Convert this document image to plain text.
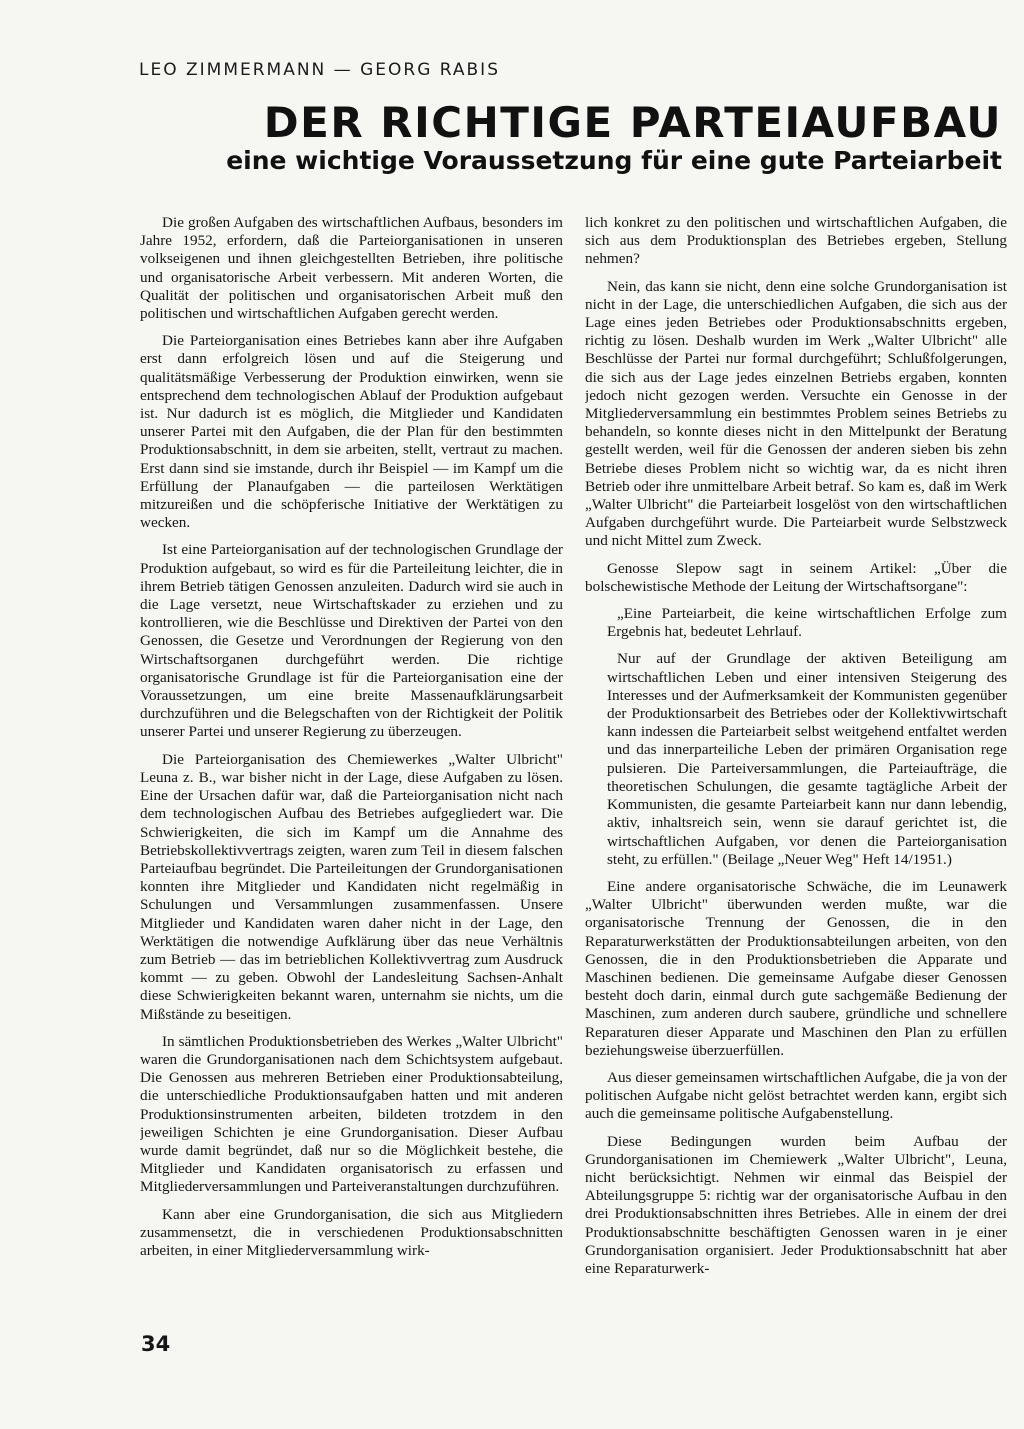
LEO ZIMMERMANN — GEORG RABIS
DER RICHTIGE PARTEIAUFBAU
eine wichtige Voraussetzung für eine gute Parteiarbeit

Die großen Aufgaben des wirtschaftlichen Aufbaus, besonders im Jahre 1952, erfordern, daß die Parteiorganisationen in unseren volkseigenen und ihnen gleichgestellten Betrieben, ihre politische und organisatorische Arbeit verbessern. Mit anderen Worten, die Qualität der politischen und organisatorischen Arbeit muß den politischen und wirtschaftlichen Aufgaben gerecht werden.

Die Parteiorganisation eines Betriebes kann aber ihre Aufgaben erst dann erfolgreich lösen und auf die Steigerung und qualitätsmäßige Verbesserung der Produktion einwirken, wenn sie entsprechend dem technologischen Ablauf der Produktion aufgebaut ist. Nur dadurch ist es möglich, die Mitglieder und Kandidaten unserer Partei mit den Aufgaben, die der Plan für den bestimmten Produktionsabschnitt, in dem sie arbeiten, stellt, vertraut zu machen. Erst dann sind sie imstande, durch ihr Beispiel — im Kampf um die Erfüllung der Planaufgaben — die parteilosen Werktätigen mitzureißen und die schöpferische Initiative der Werktätigen zu wecken.

Ist eine Parteiorganisation auf der technologischen Grundlage der Produktion aufgebaut, so wird es für die Parteileitung leichter, die in ihrem Betrieb tätigen Genossen anzuleiten. Dadurch wird sie auch in die Lage versetzt, neue Wirtschaftskader zu erziehen und zu kontrollieren, wie die Beschlüsse und Direktiven der Partei von den Genossen, die Gesetze und Verordnungen der Regierung von den Wirtschaftsorganen durchgeführt werden. Die richtige organisatorische Grundlage ist für die Parteiorganisation eine der Voraussetzungen, um eine breite Massenaufklärungsarbeit durchzuführen und die Belegschaften von der Richtigkeit der Politik unserer Partei und unserer Regierung zu überzeugen.

Die Parteiorganisation des Chemiewerkes „Walter Ulbricht" Leuna z. B., war bisher nicht in der Lage, diese Aufgaben zu lösen. Eine der Ursachen dafür war, daß die Parteiorganisation nicht nach dem technologischen Aufbau des Betriebes aufgegliedert war. Die Schwierigkeiten, die sich im Kampf um die Annahme des Betriebskollektivvertrags zeigten, waren zum Teil in diesem falschen Parteiaufbau begründet. Die Parteileitungen der Grundorganisationen konnten ihre Mitglieder und Kandidaten nicht regelmäßig in Schulungen und Versammlungen zusammenfassen. Unsere Mitglieder und Kandidaten waren daher nicht in der Lage, den Werktätigen die notwendige Aufklärung über das neue Verhältnis zum Betrieb — das im betrieblichen Kollektivvertrag zum Ausdruck kommt — zu geben. Obwohl der Landesleitung Sachsen-Anhalt diese Schwierigkeiten bekannt waren, unternahm sie nichts, um die Mißstände zu beseitigen.

In sämtlichen Produktionsbetrieben des Werkes „Walter Ulbricht" waren die Grundorganisationen nach dem Schichtsystem aufgebaut. Die Genossen aus mehreren Betrieben einer Produktionsabteilung, die unterschiedliche Produktionsaufgaben hatten und mit anderen Produktionsinstrumenten arbeiten, bildeten trotzdem in den jeweiligen Schichten je eine Grundorganisation. Dieser Aufbau wurde damit begründet, daß nur so die Möglichkeit bestehe, die Mitglieder und Kandidaten organisatorisch zu erfassen und Mitgliederversammlungen und Parteiveranstaltungen durchzuführen.

Kann aber eine Grundorganisation, die sich aus Mitgliedern zusammensetzt, die in verschiedenen Produktionsabschnitten arbeiten, in einer Mitgliederversammlung wirk-

lich konkret zu den politischen und wirtschaftlichen Aufgaben, die sich aus dem Produktionsplan des Betriebes ergeben, Stellung nehmen?

Nein, das kann sie nicht, denn eine solche Grundorganisation ist nicht in der Lage, die unterschiedlichen Aufgaben, die sich aus der Lage eines jeden Betriebes oder Produktionsabschnitts ergeben, richtig zu lösen. Deshalb wurden im Werk „Walter Ulbricht" alle Beschlüsse der Partei nur formal durchgeführt; Schlußfolgerungen, die sich aus der Lage jedes einzelnen Betriebs ergaben, konnten jedoch nicht gezogen werden. Versuchte ein Genosse in der Mitgliederversammlung ein bestimmtes Problem seines Betriebs zu behandeln, so konnte dieses nicht in den Mittelpunkt der Beratung gestellt werden, weil für die Genossen der anderen sieben bis zehn Betriebe dieses Problem nicht so wichtig war, da es nicht ihren Betrieb oder ihre unmittelbare Arbeit betraf. So kam es, daß im Werk „Walter Ulbricht" die Parteiarbeit losgelöst von den wirtschaftlichen Aufgaben durchgeführt wurde. Die Parteiarbeit wurde Selbstzweck und nicht Mittel zum Zweck.

Genosse Slepow sagt in seinem Artikel: „Über die bolschewistische Methode der Leitung der Wirtschaftsorgane":

„Eine Parteiarbeit, die keine wirtschaftlichen Erfolge zum Ergebnis hat, bedeutet Lehrlauf.

Nur auf der Grundlage der aktiven Beteiligung am wirtschaftlichen Leben und einer intensiven Steigerung des Interesses und der Aufmerksamkeit der Kommunisten gegenüber der Produktionsarbeit des Betriebes oder der Kollektivwirtschaft kann indessen die Parteiarbeit selbst weitgehend entfaltet werden und das innerparteiliche Leben der primären Organisation rege pulsieren. Die Parteiversammlungen, die Parteiaufträge, die theoretischen Schulungen, die gesamte tagtägliche Arbeit der Kommunisten, die gesamte Parteiarbeit kann nur dann lebendig, aktiv, inhaltsreich sein, wenn sie darauf gerichtet ist, die wirtschaftlichen Aufgaben, vor denen die Parteiorganisation steht, zu erfüllen." (Beilage „Neuer Weg" Heft 14/1951.)

Eine andere organisatorische Schwäche, die im Leunawerk „Walter Ulbricht" überwunden werden mußte, war die organisatorische Trennung der Genossen, die in den Reparaturwerkstätten der Produktionsabteilungen arbeiten, von den Genossen, die in den Produktionsbetrieben die Apparate und Maschinen bedienen. Die gemeinsame Aufgabe dieser Genossen besteht doch darin, einmal durch gute sachgemäße Bedienung der Maschinen, zum anderen durch saubere, gründliche und schnellere Reparaturen dieser Apparate und Maschinen den Plan zu erfüllen beziehungsweise überzuerfüllen.

Aus dieser gemeinsamen wirtschaftlichen Aufgabe, die ja von der politischen Aufgabe nicht gelöst betrachtet werden kann, ergibt sich auch die gemeinsame politische Aufgabenstellung.

Diese Bedingungen wurden beim Aufbau der Grundorganisationen im Chemiewerk „Walter Ulbricht", Leuna, nicht berücksichtigt. Nehmen wir einmal das Beispiel der Abteilungsgruppe 5: richtig war der organisatorische Aufbau in den drei Produktionsabschnitten ihres Betriebes. Alle in einem der drei Produktionsabschnitte beschäftigten Genossen waren in je einer Grundorganisation organisiert. Jeder Produktionsabschnitt hat aber eine Reparaturwerk-

34
